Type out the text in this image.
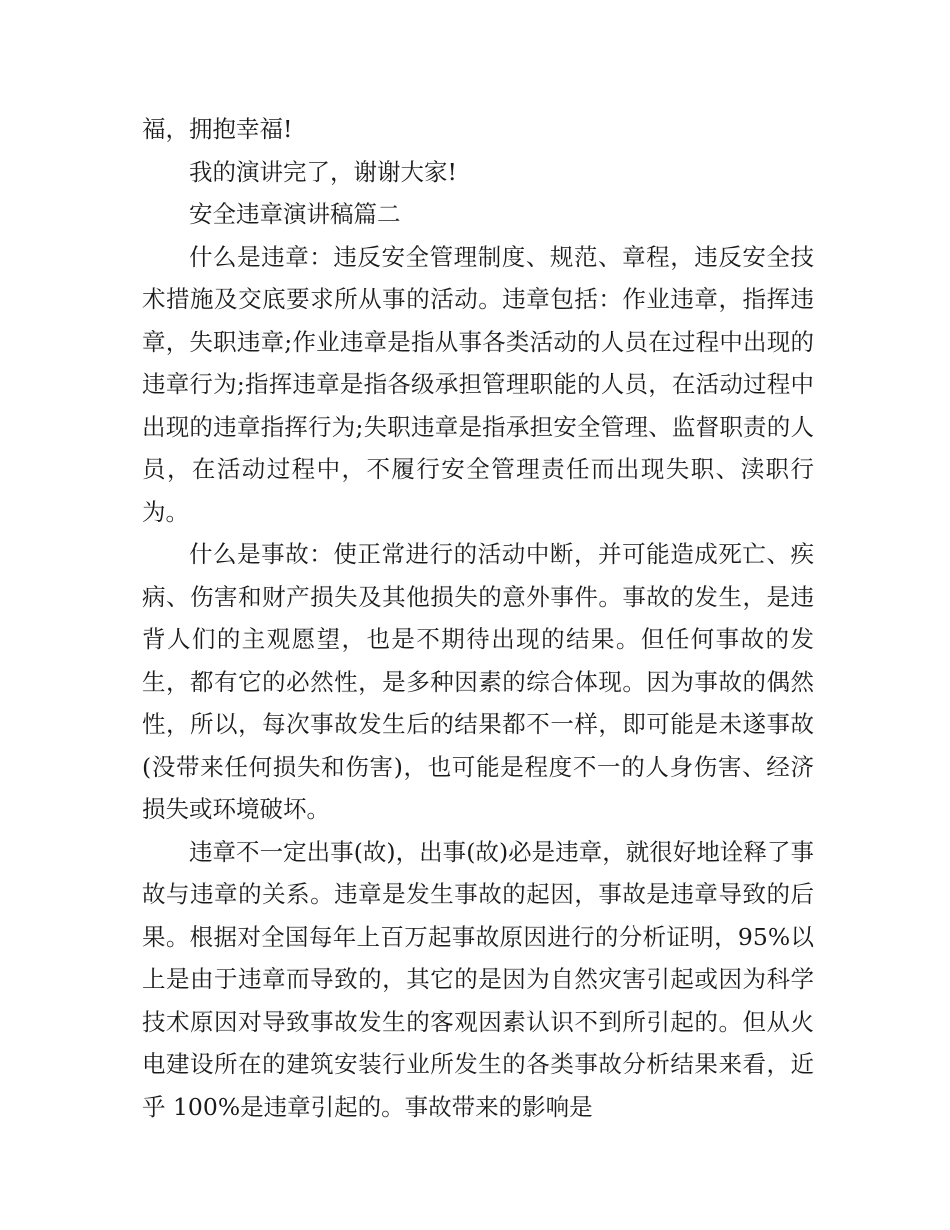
福，拥抱幸福!

我的演讲完了，谢谢大家!

安全违章演讲稿篇二

什么是违章：违反安全管理制度、规范、章程，违反安全技术措施及交底要求所从事的活动。违章包括：作业违章，指挥违章，失职违章;作业违章是指从事各类活动的人员在过程中出现的违章行为;指挥违章是指各级承担管理职能的人员，在活动过程中出现的违章指挥行为;失职违章是指承担安全管理、监督职责的人员，在活动过程中，不履行安全管理责任而出现失职、渎职行为。

什么是事故：使正常进行的活动中断，并可能造成死亡、疾病、伤害和财产损失及其他损失的意外事件。事故的发生，是违背人们的主观愿望，也是不期待出现的结果。但任何事故的发生，都有它的必然性，是多种因素的综合体现。因为事故的偶然性，所以，每次事故发生后的结果都不一样，即可能是未遂事故(没带来任何损失和伤害)，也可能是程度不一的人身伤害、经济损失或环境破坏。

违章不一定出事(故)，出事(故)必是违章，就很好地诠释了事故与违章的关系。违章是发生事故的起因，事故是违章导致的后果。根据对全国每年上百万起事故原因进行的分析证明，95%以上是由于违章而导致的，其它的是因为自然灾害引起或因为科学技术原因对导致事故发生的客观因素认识不到所引起的。但从火电建设所在的建筑安装行业所发生的各类事故分析结果来看，近乎 100%是违章引起的。事故带来的影响是
